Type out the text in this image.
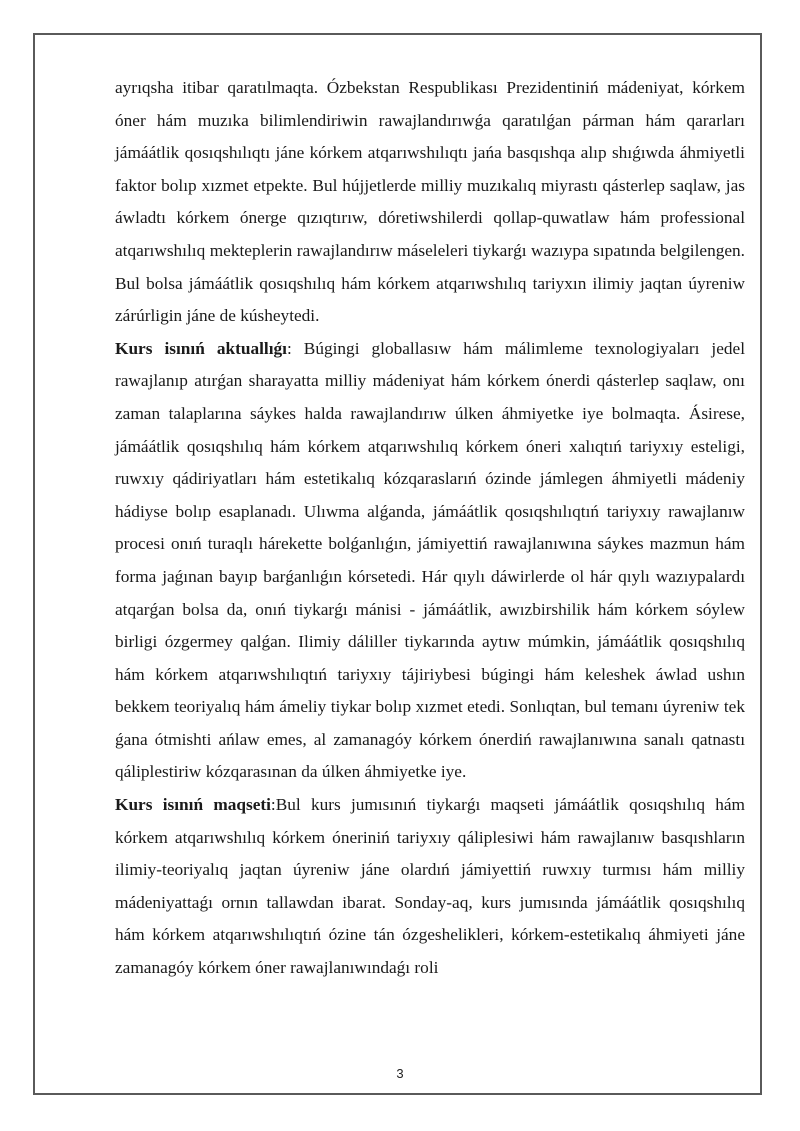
ayrıqsha itibar qaratılmaqta. Ózbekstan Respublikası Prezidentiniń mádeniyat, kórkem óner hám muzıka bilimlendiriwin rawajlandırıwǵa qaratılǵan párman hám qararları jámáátlik qosıqshılıqtı jáne kórkem atqarıwshılıqtı jańa basqıshqa alıp shıǵıwda áhmiyetli faktor bolıp xızmet etpekte. Bul hújjetlerde milliy muzıkalıq miyrastı qásterlep saqlaw, jas áwladtı kórkem ónerge qızıqtırıw, dóretiwshilerdi qollap-quwatlaw hám professional atqarıwshılıq mekteplerin rawajlandırıw máseleleri tiykarǵı wazıypa sıpatında belgilengen. Bul bolsa jámáátlik qosıqshılıq hám kórkem atqarıwshılıq tariyxın ilimiy jaqtan úyreniw zárúrligin jáne de kúsheytedi.

Kurs isınıń aktuallıǵı: Búgingi globallasıw hám málimleme texnologiyaları jedel rawajlanıp atırǵan sharayatta milliy mádeniyat hám kórkem ónerdi qásterlep saqlaw, onı zaman talaplarına sáykes halda rawajlandırıw úlken áhmiyetke iye bolmaqta. Ásirese, jámáátlik qosıqshılıq hám kórkem atqarıwshılıq kórkem óneri xalıqtıń tariyxıy esteligi, ruwxıy qádiriyatları hám estetikalıq kózqaraslarıń ózinde jámlegen áhmiyetli mádeniy hádiyse bolıp esaplanadı. Ulıwma alǵanda, jámáátlik qosıqshılıqtıń tariyxıy rawajlanıw procesi onıń turaqlı hárekette bolǵanlıǵın, jámiyettiń rawajlanıwına sáykes mazmun hám forma jaǵınan bayıp barǵanlıǵın kórsetedi. Hár qıylı dáwirlerde ol hár qıylı wazıypalardı atqarǵan bolsa da, onıń tiykarǵı mánisi - jámáátlik, awızbirshilik hám kórkem sóylew birligi ózgermey qalǵan. Ilimiy dáliller tiykarında aytıw múmkin, jámáátlik qosıqshılıq hám kórkem atqarıwshılıqtıń tariyxıy tájiriybesi búgingi hám keleshek áwlad ushın bekkem teoriyalıq hám ámeliy tiykar bolıp xızmet etedi. Sonlıqtan, bul temanı úyreniw tek ǵana ótmishti ańlaw emes, al zamanagóy kórkem ónerdiń rawajlanıwına sanalı qatnastı qáliplestiriw kózqarasınan da úlken áhmiyetke iye.

Kurs isınıń maqseti:Bul kurs jumısınıń tiykarǵı maqseti jámáátlik qosıqshılıq hám kórkem atqarıwshılıq kórkem óneriniń tariyxıy qáliplesiwi hám rawajlanıw basqıshların ilimiy-teoriyalıq jaqtan úyreniw jáne olardıń jámiyettiń ruwxıy turmısı hám milliy mádeniyattaǵı ornın tallawdan ibarat. Sonday-aq, kurs jumısında jámáátlik qosıqshılıq hám kórkem atqarıwshılıqtıń ózine tán ózgeshelikleri, kórkem-estetikalıq áhmiyeti jáne zamanagóy kórkem óner rawajlanıwındaǵı roli

3
